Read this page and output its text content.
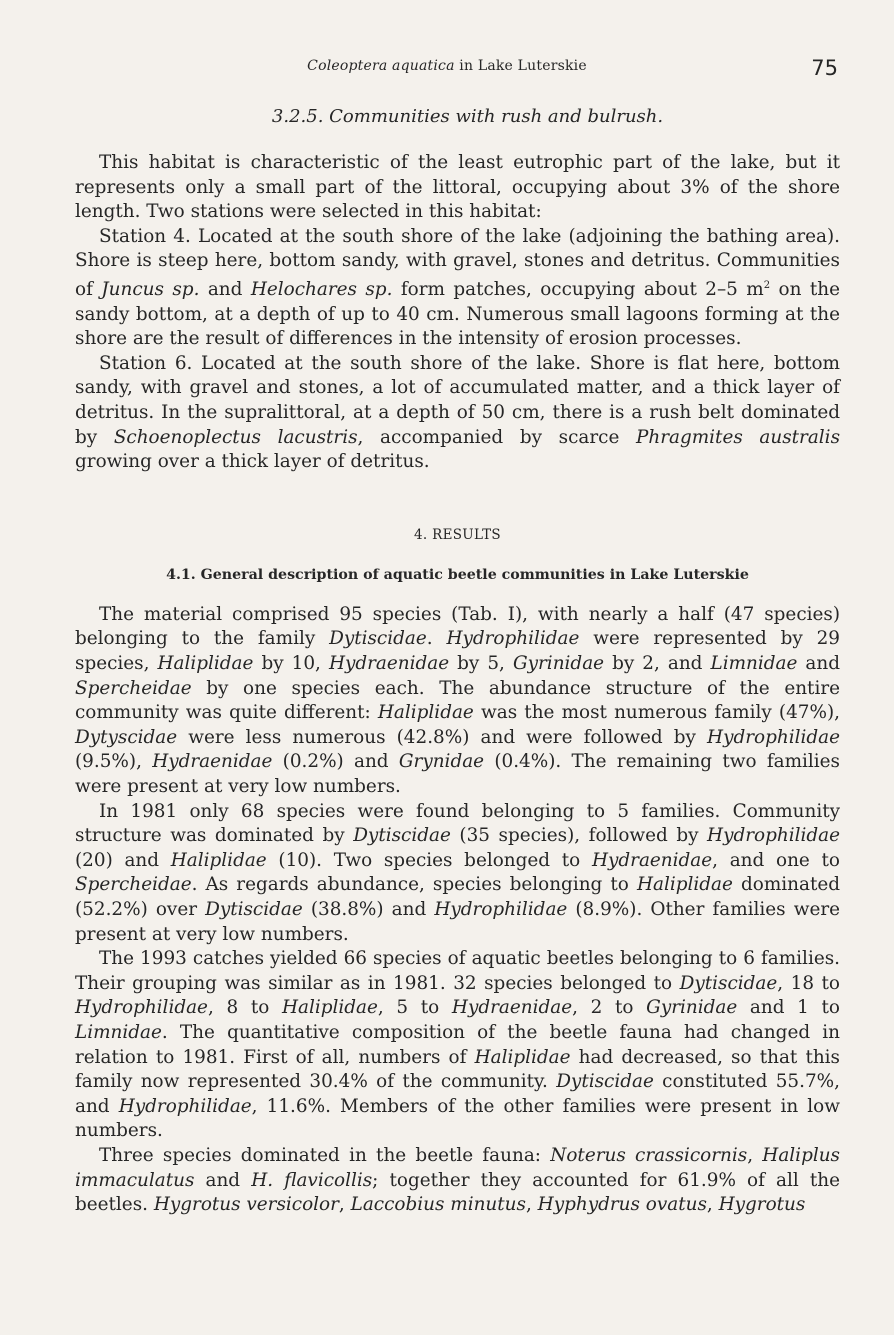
Coleoptera aquatica in Lake Luterskie	75
3.2.5. Communities with rush and bulrush.

This habitat is characteristic of the least eutrophic part of the lake, but it represents only a small part of the littoral, occupying about 3% of the shore length. Two stations were selected in this habitat:

Station 4. Located at the south shore of the lake (adjoining the bathing area). Shore is steep here, bottom sandy, with gravel, stones and detritus. Communities of Juncus sp. and Helochares sp. form patches, occupying about 2–5 $m^2$ on the sandy bottom, at a depth of up to 40 cm. Numerous small lagoons forming at the shore are the result of differences in the intensity of erosion processes.

Station 6. Located at the south shore of the lake. Shore is flat here, bottom sandy, with gravel and stones, a lot of accumulated matter, and a thick layer of detritus. In the supralittoral, at a depth of 50 cm, there is a rush belt dominated by Schoenoplectus lacustris, accompanied by scarce Phragmites australis growing over a thick layer of detritus.

4. RESULTS
4.1. General description of aquatic beetle communities in Lake Luterskie

The material comprised 95 species (Tab. I), with nearly a half (47 species) belonging to the family Dytiscidae. Hydrophilidae were represented by 29 species, Haliplidae by 10, Hydraenidae by 5, Gyrinidae by 2, and Limnidae and Spercheidae by one species each. The abundance structure of the entire community was quite different: Haliplidae was the most numerous family (47%), Dytyscidae were less numerous (42.8%) and were followed by Hydrophilidae (9.5%), Hydraenidae (0.2%) and Grynidae (0.4%). The remaining two families were present at very low numbers.

In 1981 only 68 species were found belonging to 5 families. Community structure was dominated by Dytiscidae (35 species), followed by Hydrophilidae (20) and Haliplidae (10). Two species belonged to Hydraenidae, and one to Spercheidae. As regards abundance, species belonging to Haliplidae dominated (52.2%) over Dytiscidae (38.8%) and Hydrophilidae (8.9%). Other families were present at very low numbers.

The 1993 catches yielded 66 species of aquatic beetles belonging to 6 families. Their grouping was similar as in 1981. 32 species belonged to Dytiscidae, 18 to Hydrophilidae, 8 to Haliplidae, 5 to Hydraenidae, 2 to Gyrinidae and 1 to Limnidae. The quantitative composition of the beetle fauna had changed in relation to 1981. First of all, numbers of Haliplidae had decreased, so that this family now represented 30.4% of the community. Dytiscidae constituted 55.7%, and Hydrophilidae, 11.6%. Members of the other families were present in low numbers.

Three species dominated in the beetle fauna: Noterus crassicornis, Haliplus immaculatus and H. flavicollis; together they accounted for 61.9% of all the beetles. Hygrotus versicolor, Laccobius minutus, Hyphydrus ovatus, Hygrotus
